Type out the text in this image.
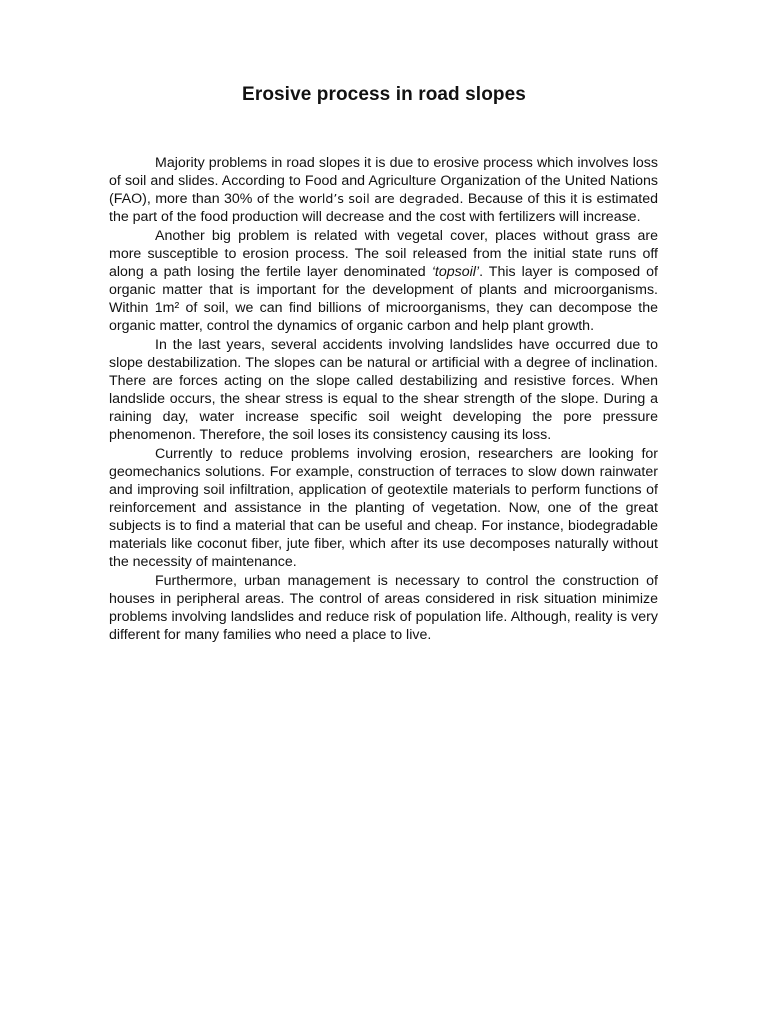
Erosive process in road slopes

Majority problems in road slopes it is due to erosive process which involves loss of soil and slides. According to Food and Agriculture Organization of the United Nations (FAO), more than 30% of the world’s soil are degraded. Because of this it is estimated the part of the food production will decrease and the cost with fertilizers will increase.

Another big problem is related with vegetal cover, places without grass are more susceptible to erosion process. The soil released from the initial state runs off along a path losing the fertile layer denominated ‘topsoil’. This layer is composed of organic matter that is important for the development of plants and microorganisms. Within 1m² of soil, we can find billions of microorganisms, they can decompose the organic matter, control the dynamics of organic carbon and help plant growth.

In the last years, several accidents involving landslides have occurred due to slope destabilization. The slopes can be natural or artificial with a degree of inclination. There are forces acting on the slope called destabilizing and resistive forces. When landslide occurs, the shear stress is equal to the shear strength of the slope. During a raining day, water increase specific soil weight developing the pore pressure phenomenon. Therefore, the soil loses its consistency causing its loss.

Currently to reduce problems involving erosion, researchers are looking for geomechanics solutions. For example, construction of terraces to slow down rainwater and improving soil infiltration, application of geotextile materials to perform functions of reinforcement and assistance in the planting of vegetation. Now, one of the great subjects is to find a material that can be useful and cheap. For instance, biodegradable materials like coconut fiber, jute fiber, which after its use decomposes naturally without the necessity of maintenance.

Furthermore, urban management is necessary to control the construction of houses in peripheral areas. The control of areas considered in risk situation minimize problems involving landslides and reduce risk of population life. Although, reality is very different for many families who need a place to live.
